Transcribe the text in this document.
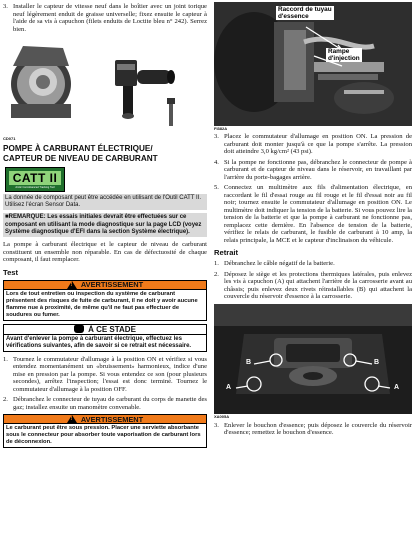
3. Installer le capteur de vitesse neuf dans le boîtier avec un joint torique neuf légèrement enduit de graisse universelle; fixez ensuite le capteur à l'aide de sa vis à capuchon (filets enduits de Loctite bleu n° 242). Serrez bien.
CD071
POMPE À CARBURANT ÉLECTRIQUE/
CAPTEUR DE NIVEAU DE CARBURANT
CATT II
Arctic Cat Advanced Tracking Tool
La donnée de composant peut être accédée en utilisant de l'Outil CATT II. Utilisez l'écran Sensor Data.
■REMARQUE: Les essais initiales devrait être effectuées sur ce composant en utilisant la mode diagnostique sur la page LCD (voyez Système diagnostique d'EFI dans la section Système électrique).
La pompe à carburant électrique et le capteur de niveau de carburant constituent un ensemble non réparable. En cas de défectuosité de chaque composant, il faut remplacer.
Test
!
AVERTISSEMENT
Lors de tout entretien ou inspection du système de carburant présentent des risques de fuite de carburant, il ne doit y avoir aucune flamme nue à proximité, de même qu'il ne faut pas effectuer de soudures ou fumer.
À CE STADE
Avant d'enlever la pompe à carburant électrique, effectuez les vérifications suivantes, afin de savoir si ce retrait est nécessaire.
1. Tournez le commutateur d'allumage à la position ON et vérifiez si vous entendez momentanément un «bruissement» harmonieux, indice d'une mise en pression par la pompe. Si vous entendez ce son (pour plusieurs secondes), arrêtez l'inspection; l'essai est donc terminé. Tournez le commutateur d'allumage à la position OFF.
2. Débranchez le connecteur de tuyau de carburant du corps de manette des gaz; installez ensuite un manomètre convenable.
!
AVERTISSEMENT
Le carburant peut être sous pression. Placer une serviette absorbante sous le connecteur pour absorber toute vaporisation de carburant lors de déconnexion.
Raccord de tuyau
d'essence
Rampe
d'injection
FI382A
3. Placez le commutateur d'allumage en position ON. La pression de carburant doit monter jusqu'à ce que la pompe s'arrête. La pression doit atteindre 3,0 kg/cm² (43 psi).
4. Si la pompe ne fonctionne pas, débranchez le connecteur de pompe à carburant et de capteur de niveau dans le réservoir, en travaillant par l'arrière du porte-bagages arrière.
5. Connectez un multimètre aux fils d'alimentation électrique, en raccordant le fil d'essai rouge au fil rouge et le fil d'essai noir au fil noir; tournez ensuite le commutateur d'allumage en position ON. Le multimètre doit indiquer la tension de la batterie. Si vous pouvez lire la tension de la batterie et que la pompe à carburant ne fonctionne pas, remplacez cette dernière. En l'absence de tension de la batterie, vérifiez le relais de carburant, le fusible de carburant à 10 amp, la relais principale, la MCE et le capteur d'inclinaison du véhicule.
Retrait
1. Débranchez le câble négatif de la batterie.
2. Déposez le siège et les protections thermiques latérales, puis enlevez les vis à capuchon (A) qui attachent l'arrière de la carrosserie avant au châssis; puis enlevez deux rivets réinstallables (B) qui attachent la couvercle du réservoir d'essence à la carrosserie.
A	A
B	B
XA005A
3. Enlever le bouchon d'essence; puis déposez le couvercle du réservoir d'essence; remettez le bouchon d'essence.
